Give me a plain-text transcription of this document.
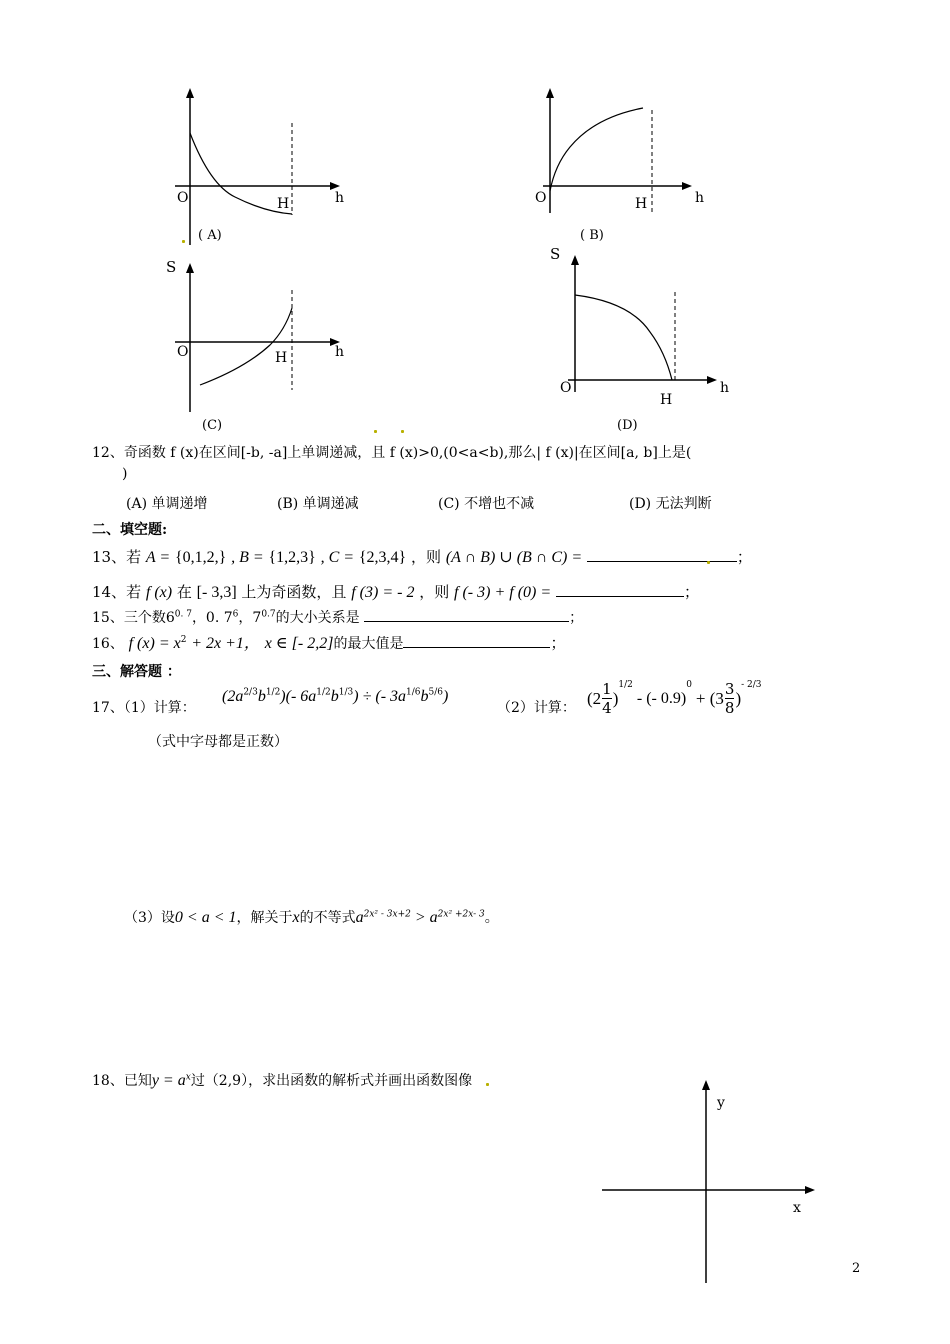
O	h
H
( A)
O	h
H
( B)
S
O	h
H
(C)
S
O	h
H
(D)
12、奇函数 f (x)在区间[-b, -a]上单调递减，且 f (x)>0,(0<a<b),那么| f (x)|在区间[a, b]上是(
)
(A) 单调递增	(B) 单调递减	(C) 不增也不减	(D) 无法判断
二、填空题:
13、若 A = {0,1,2,} , B = {1,2,3} , C = {2,3,4} ，则 (A ∩ B) ∪ (B ∩ C) =	；
14、若 f (x) 在 [- 3,3] 上为奇函数，且 f (3) = - 2 ，则 f (- 3) + f (0) =	；
15、三个数$6^{0. 7}$，0. $7^6$，$7^{0.7}$的大小关系是	；
16、 f $(x) = x^2 + 2x +1$， x ∈ [- 2,2]的最大值是	；
三、解答题 ：
17、（1）计算：
$(2a^{2/3}b^{1/2})(-$ $6a^{1/2}b^{1/3}$) ÷ (- $3a^{1/6}b^{5/6}$)
（2）计算：
($2 \frac{1}{4}$ )
$^{1/2}$
- (- 0.9)
$^0$
+ ($3 \frac{3}{8}$ )
$^{- 2/3}$
（式中字母都是正数）
（3）设0 < a < 1，解关于x的不等式$a^{2x^2 - 3x+2} > a^{2x^2 +2x- 3}$。
18、已知$y = a^x$过（2,9），求出函数的解析式并画出函数图像
y
x
2
